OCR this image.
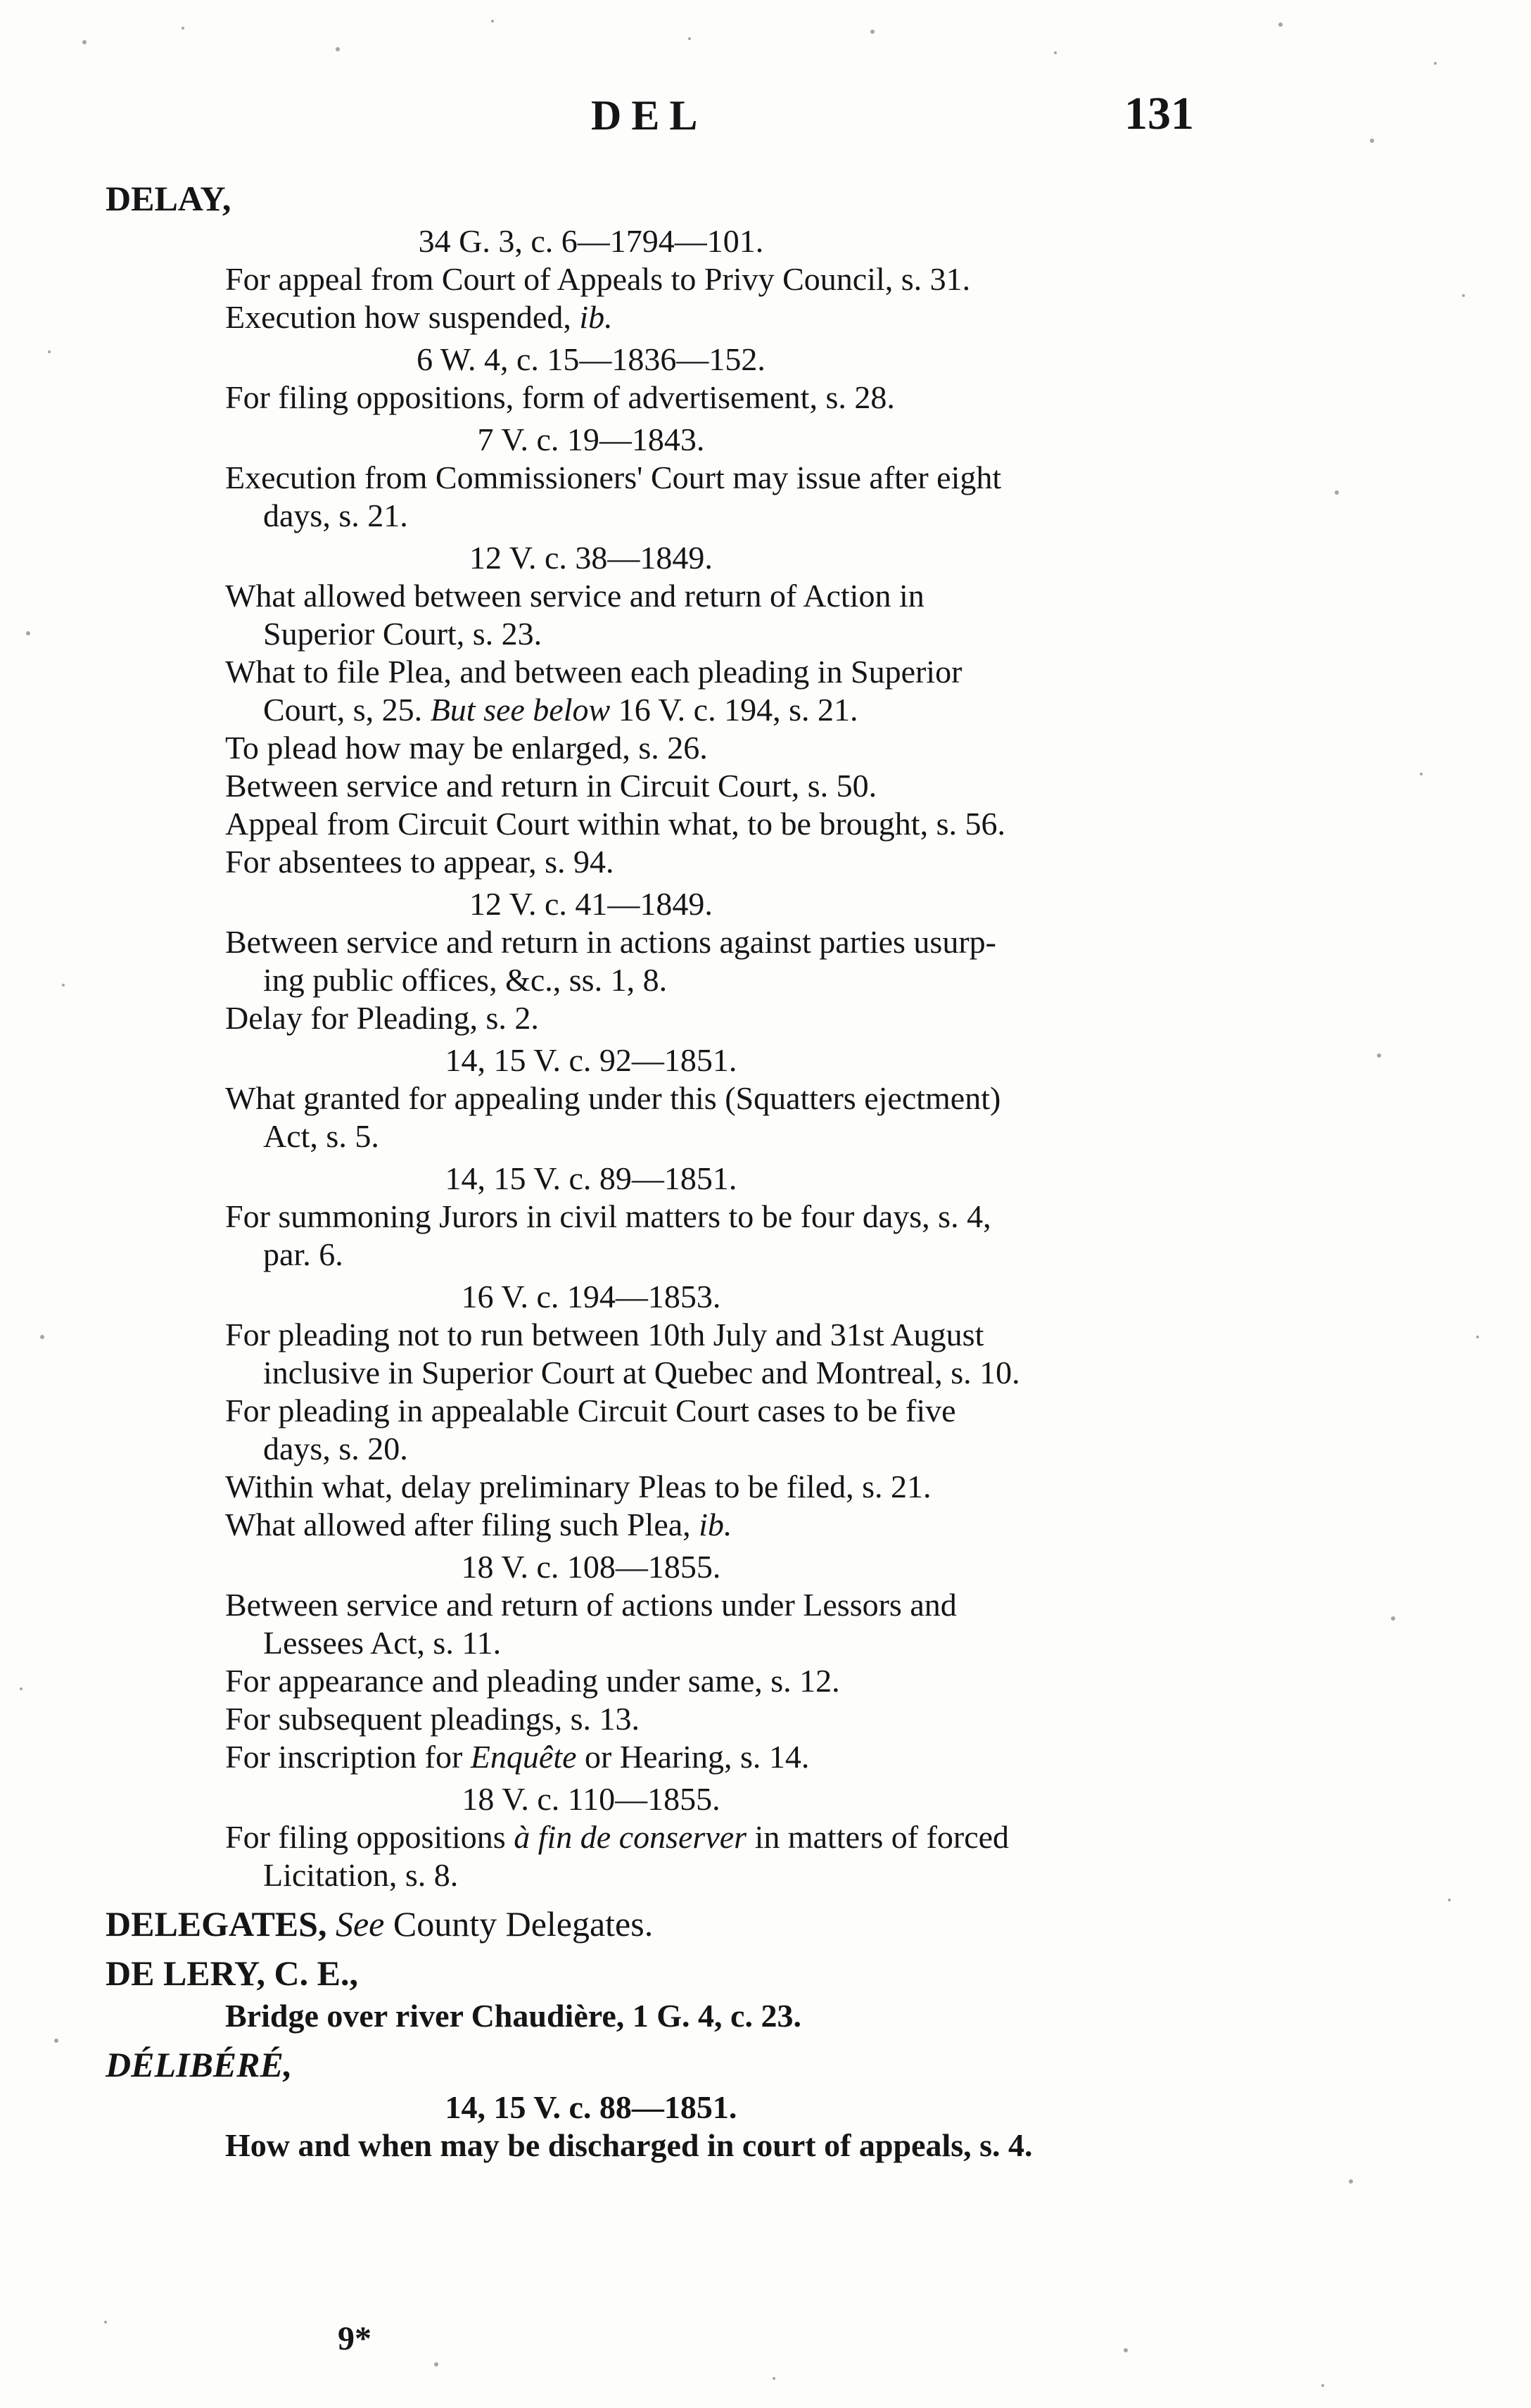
DEL	131
DELAY,
34 G. 3, c. 6—1794—101.
For appeal from Court of Appeals to Privy Council, s. 31.
Execution how suspended, ib.
6 W. 4, c. 15—1836—152.
For filing oppositions, form of advertisement, s. 28.
7 V. c. 19—1843.
Execution from Commissioners' Court may issue after eight
days, s. 21.
12 V. c. 38—1849.
What allowed between service and return of Action in
Superior Court, s. 23.
What to file Plea, and between each pleading in Superior
Court, s, 25. But see below 16 V. c. 194, s. 21.
To plead how may be enlarged, s. 26.
Between service and return in Circuit Court, s. 50.
Appeal from Circuit Court within what, to be brought, s. 56.
For absentees to appear, s. 94.
12 V. c. 41—1849.
Between service and return in actions against parties usurp-
ing public offices, &c., ss. 1, 8.
Delay for Pleading, s. 2.
14, 15 V. c. 92—1851.
What granted for appealing under this (Squatters ejectment)
Act, s. 5.
14, 15 V. c. 89—1851.
For summoning Jurors in civil matters to be four days, s. 4,
par. 6.
16 V. c. 194—1853.
For pleading not to run between 10th July and 31st August
inclusive in Superior Court at Quebec and Montreal, s. 10.
For pleading in appealable Circuit Court cases to be five
days, s. 20.
Within what, delay preliminary Pleas to be filed, s. 21.
What allowed after filing such Plea, ib.
18 V. c. 108—1855.
Between service and return of actions under Lessors and
Lessees Act, s. 11.
For appearance and pleading under same, s. 12.
For subsequent pleadings, s. 13.
For inscription for Enquête or Hearing, s. 14.
18 V. c. 110—1855.
For filing oppositions à fin de conserver in matters of forced
Licitation, s. 8.
DELEGATES, See County Delegates.
DE LERY, C. E.,
Bridge over river Chaudière, 1 G. 4, c. 23.
DÉLIBÉRÉ,
14, 15 V. c. 88—1851.
How and when may be discharged in court of appeals, s. 4.
9*
